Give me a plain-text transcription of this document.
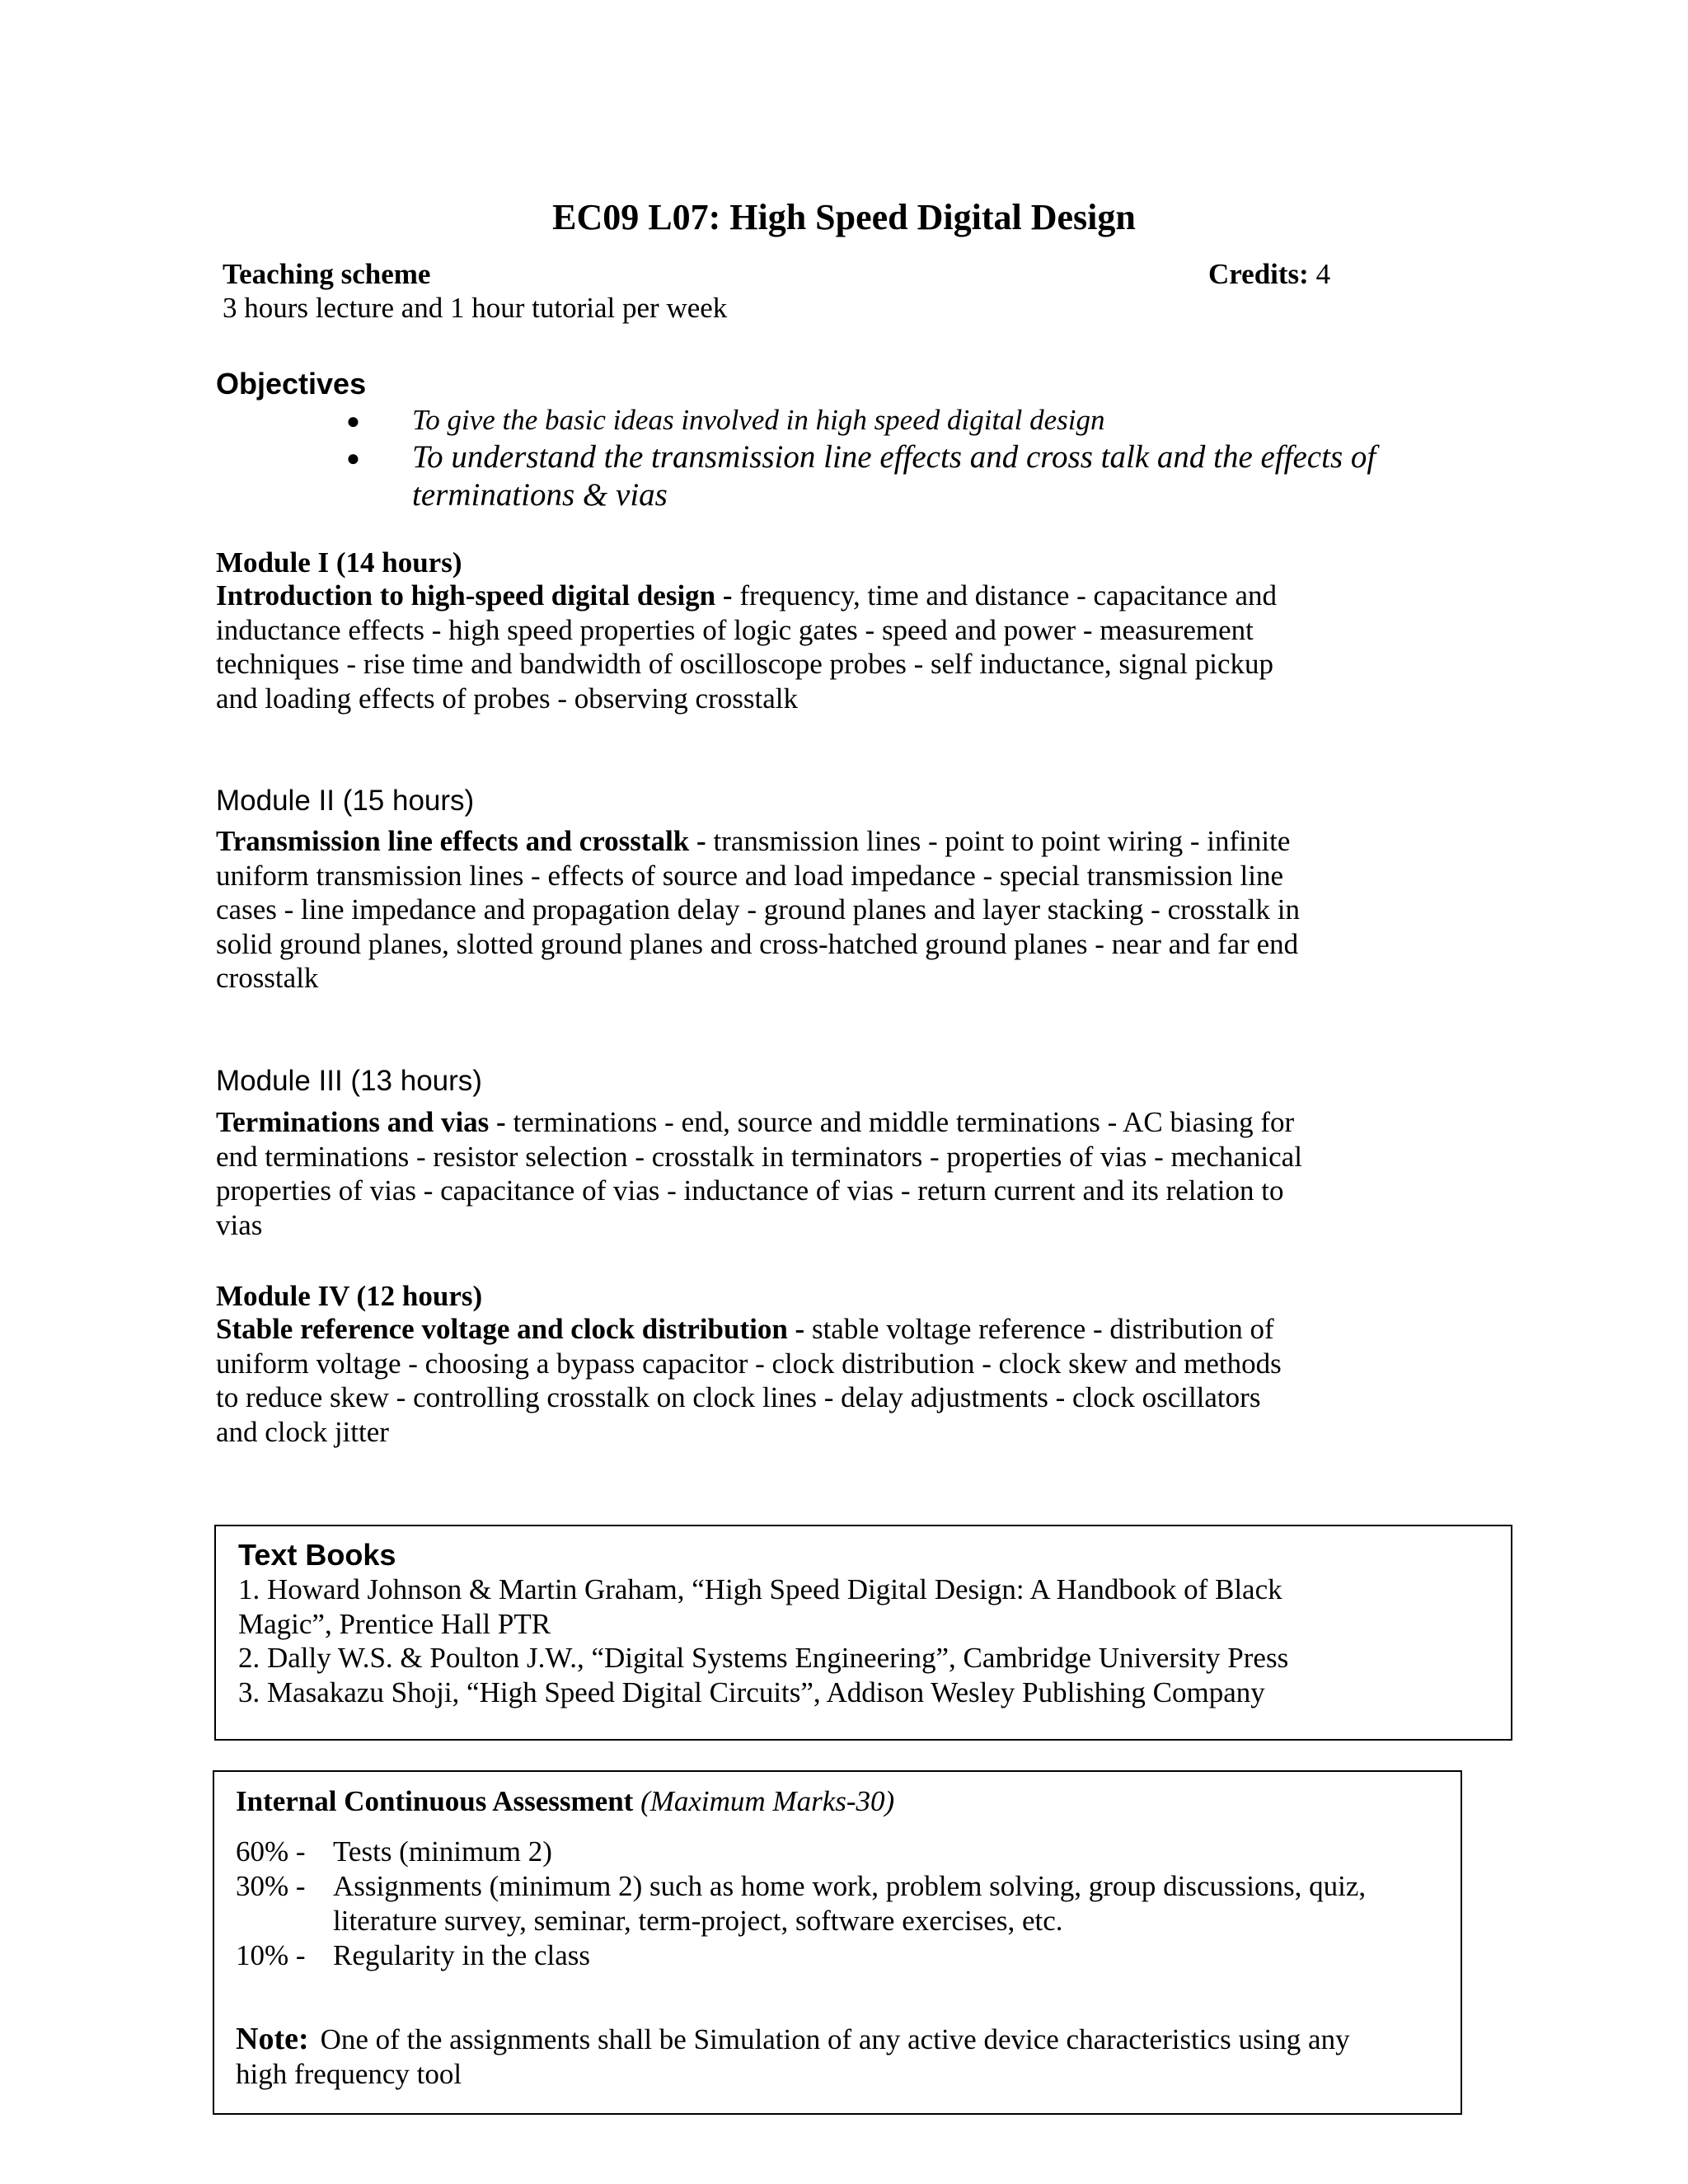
EC09 L07: High Speed Digital Design
Teaching scheme	Credits: 4
3 hours lecture and 1 hour tutorial per week
Objectives
● To give the basic ideas involved in high speed digital design
● To understand the transmission line effects and cross talk and the effects of
terminations & vias
Module I (14 hours)
Introduction to high-speed digital design - frequency, time and distance - capacitance and
inductance effects - high speed properties of logic gates - speed and power - measurement
techniques - rise time and bandwidth of oscilloscope probes - self inductance, signal pickup
and loading effects of probes - observing crosstalk
Module II (15 hours)
Transmission line effects and crosstalk - transmission lines - point to point wiring - infinite
uniform transmission lines - effects of source and load impedance - special transmission line
cases - line impedance and propagation delay - ground planes and layer stacking - crosstalk in
solid ground planes, slotted ground planes and cross-hatched ground planes - near and far end
crosstalk
Module III (13 hours)
Terminations and vias - terminations - end, source and middle terminations - AC biasing for
end terminations - resistor selection - crosstalk in terminators - properties of vias - mechanical
properties of vias - capacitance of vias - inductance of vias - return current and its relation to
vias
Module IV (12 hours)
Stable reference voltage and clock distribution - stable voltage reference - distribution of
uniform voltage - choosing a bypass capacitor - clock distribution - clock skew and methods
to reduce skew - controlling crosstalk on clock lines - delay adjustments - clock oscillators
and clock jitter
Text Books
1. Howard Johnson & Martin Graham, “High Speed Digital Design: A Handbook of Black
Magic”, Prentice Hall PTR
2. Dally W.S. & Poulton J.W., “Digital Systems Engineering”, Cambridge University Press
3. Masakazu Shoji, “High Speed Digital Circuits”, Addison Wesley Publishing Company
Internal Continuous Assessment (Maximum Marks-30)
60% - Tests (minimum 2)
30% - Assignments (minimum 2) such as home work, problem solving, group discussions, quiz,
literature survey, seminar, term-project, software exercises, etc.
10% - Regularity in the class
Note: One of the assignments shall be Simulation of any active device characteristics using any
high frequency tool
